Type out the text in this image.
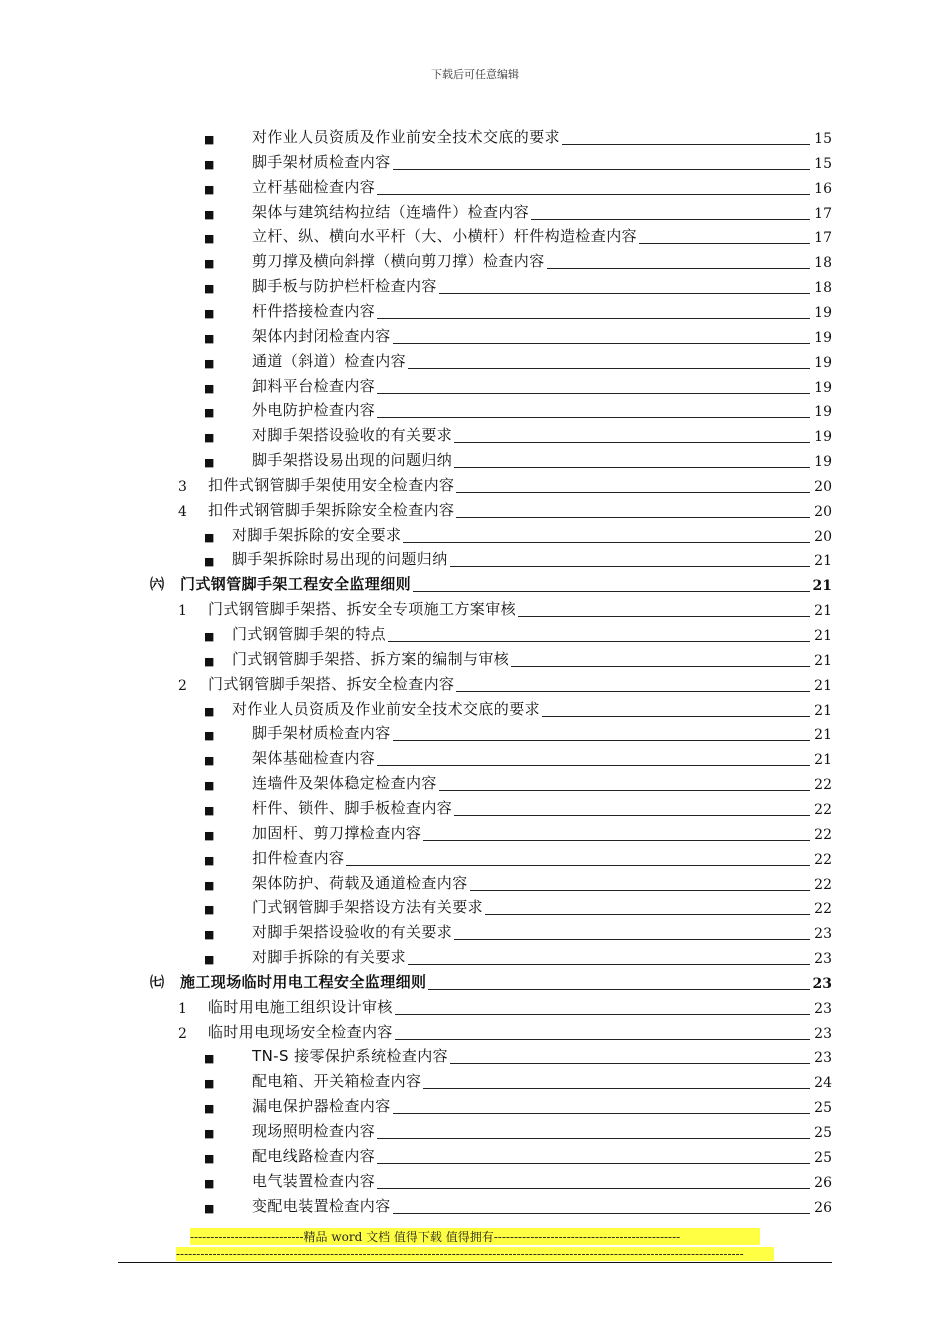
下载后可任意编辑
■	对作业人员资质及作业前安全技术交底的要求	15
■	脚手架材质检查内容	15
■	立杆基础检查内容	16
■	架体与建筑结构拉结（连墙件）检查内容	17
■	立杆、纵、横向水平杆（大、小横杆）杆件构造检查内容	17
■	剪刀撑及横向斜撑（横向剪刀撑）检查内容	18
■	脚手板与防护栏杆检查内容	18
■	杆件搭接检查内容	19
■	架体内封闭检查内容	19
■	通道（斜道）检查内容	19
■	卸料平台检查内容	19
■	外电防护检查内容	19
■	对脚手架搭设验收的有关要求	19
■	脚手架搭设易出现的问题归纳	19
3 扣件式钢管脚手架使用安全检查内容	20
4 扣件式钢管脚手架拆除安全检查内容	20
■ 对脚手架拆除的安全要求	20
■ 脚手架拆除时易出现的问题归纳	21
㈥ 门式钢管脚手架工程安全监理细则	21
1 门式钢管脚手架搭、拆安全专项施工方案审核	21
■ 门式钢管脚手架的特点	21
■ 门式钢管脚手架搭、拆方案的编制与审核	21
2 门式钢管脚手架搭、拆安全检查内容	21
■ 对作业人员资质及作业前安全技术交底的要求	21
■	脚手架材质检查内容	21
■	架体基础检查内容	21
■	连墙件及架体稳定检查内容	22
■	杆件、锁件、脚手板检查内容	22
■	加固杆、剪刀撑检查内容	22
■	扣件检查内容	22
■	架体防护、荷载及通道检查内容	22
■	门式钢管脚手架搭设方法有关要求	22
■	对脚手架搭设验收的有关要求	23
■	对脚手拆除的有关要求	23
㈦ 施工现场临时用电工程安全监理细则	23
1 临时用电施工组织设计审核	23
2 临时用电现场安全检查内容	23
■	TN-S 接零保护系统检查内容	23
■	配电箱、开关箱检查内容	24
■	漏电保护器检查内容	25
■	现场照明检查内容	25
■	配电线路检查内容	25
■	电气装置检查内容	26
■	变配电装置检查内容	26
----------------------------精品 word 文档 值得下载 值得拥有----------------------------------------------
--------------------------------------------------------------------------------------------------------------------------------------------
